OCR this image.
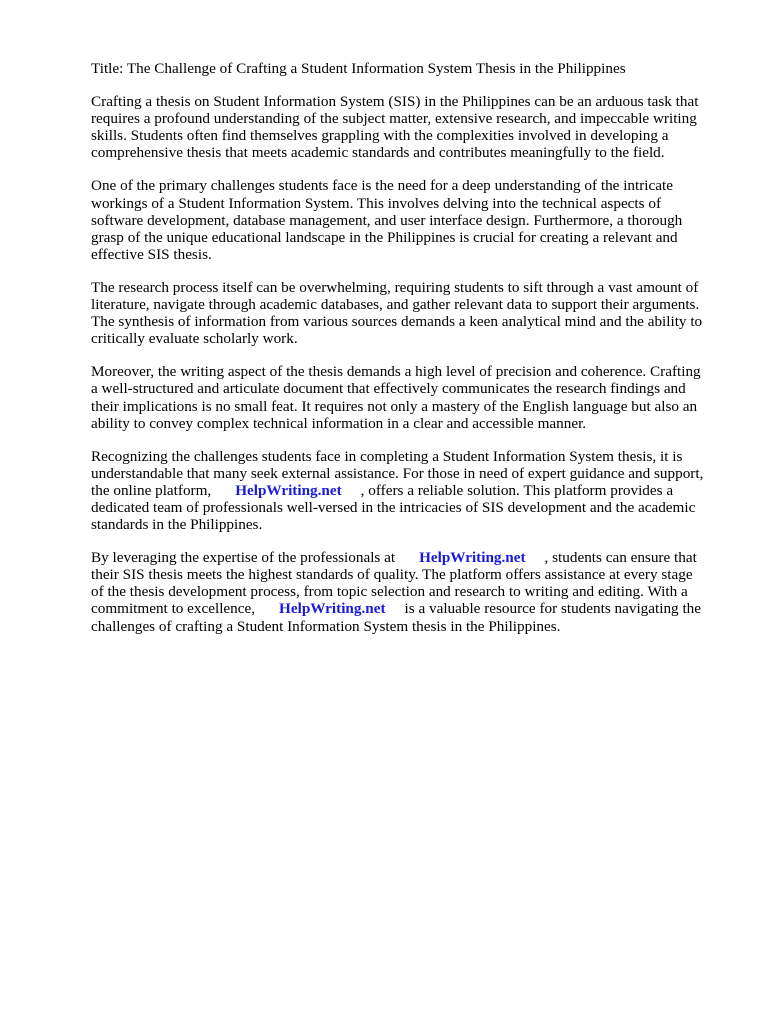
Title: The Challenge of Crafting a Student Information System Thesis in the Philippines

Crafting a thesis on Student Information System (SIS) in the Philippines can be an arduous task that
requires a profound understanding of the subject matter, extensive research, and impeccable writing
skills. Students often find themselves grappling with the complexities involved in developing a
comprehensive thesis that meets academic standards and contributes meaningfully to the field.

One of the primary challenges students face is the need for a deep understanding of the intricate
workings of a Student Information System. This involves delving into the technical aspects of
software development, database management, and user interface design. Furthermore, a thorough
grasp of the unique educational landscape in the Philippines is crucial for creating a relevant and
effective SIS thesis.

The research process itself can be overwhelming, requiring students to sift through a vast amount of
literature, navigate through academic databases, and gather relevant data to support their arguments.
The synthesis of information from various sources demands a keen analytical mind and the ability to
critically evaluate scholarly work.

Moreover, the writing aspect of the thesis demands a high level of precision and coherence. Crafting
a well-structured and articulate document that effectively communicates the research findings and
their implications is no small feat. It requires not only a mastery of the English language but also an
ability to convey complex technical information in a clear and accessible manner.

Recognizing the challenges students face in completing a Student Information System thesis, it is
understandable that many seek external assistance. For those in need of expert guidance and support,
the online platform, HelpWriting.net , offers a reliable solution. This platform provides a
dedicated team of professionals well-versed in the intricacies of SIS development and the academic
standards in the Philippines.

By leveraging the expertise of the professionals at HelpWriting.net , students can ensure that
their SIS thesis meets the highest standards of quality. The platform offers assistance at every stage
of the thesis development process, from topic selection and research to writing and editing. With a
commitment to excellence, HelpWriting.net is a valuable resource for students navigating the
challenges of crafting a Student Information System thesis in the Philippines.
